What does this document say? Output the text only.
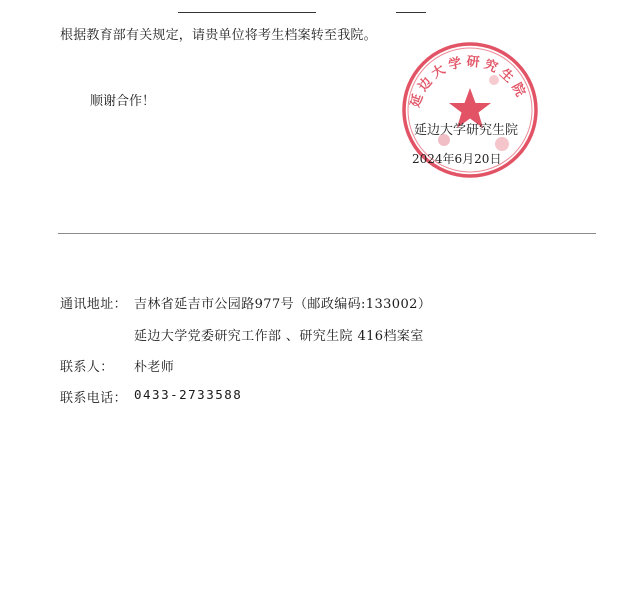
根据教育部有关规定，请贵单位将考生档案转至我院。
顺谢合作！	延边大学研究生院
延边大学研究生院
2024年6月20日
通讯地址： 吉林省延吉市公园路977号（邮政编码:133002）
延边大学党委研究工作部 、研究生院 416档案室
联系人： 朴老师
联系电话： 0433-2733588
